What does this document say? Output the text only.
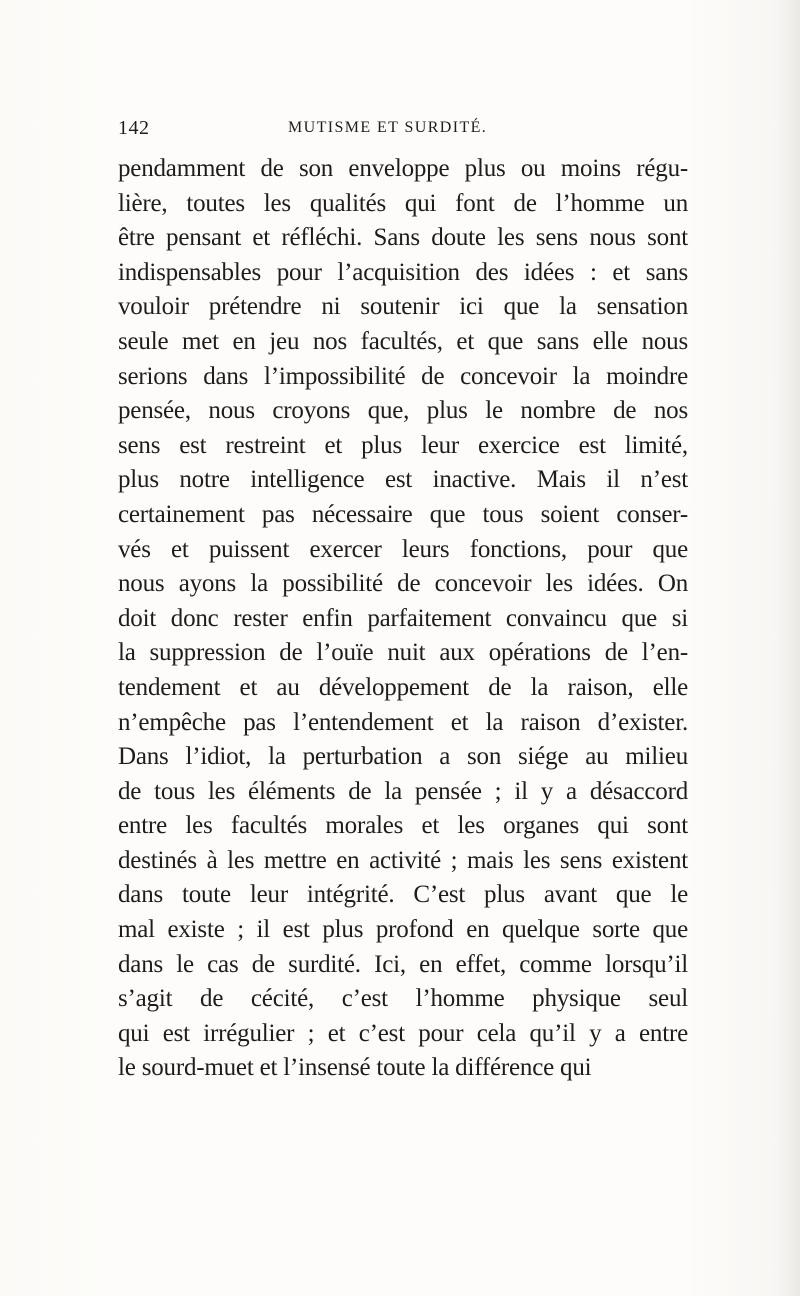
142	MUTISME ET SURDITÉ.
pendamment de son enveloppe plus ou moins régu-
lière, toutes les qualités qui font de l’homme un
être pensant et réfléchi. Sans doute les sens nous sont
indispensables pour l’acquisition des idées : et sans
vouloir prétendre ni soutenir ici que la sensation
seule met en jeu nos facultés, et que sans elle nous
serions dans l’impossibilité de concevoir la moindre
pensée, nous croyons que, plus le nombre de nos
sens est restreint et plus leur exercice est limité,
plus notre intelligence est inactive. Mais il n’est
certainement pas nécessaire que tous soient conser-
vés et puissent exercer leurs fonctions, pour que
nous ayons la possibilité de concevoir les idées. On
doit donc rester enfin parfaitement convaincu que si
la suppression de l’ouïe nuit aux opérations de l’en-
tendement et au développement de la raison, elle
n’empêche pas l’entendement et la raison d’exister.
Dans l’idiot, la perturbation a son siége au milieu
de tous les éléments de la pensée ; il y a désaccord
entre les facultés morales et les organes qui sont
destinés à les mettre en activité ; mais les sens existent
dans toute leur intégrité. C’est plus avant que le
mal existe ; il est plus profond en quelque sorte que
dans le cas de surdité. Ici, en effet, comme lorsqu’il
s’agit de cécité, c’est l’homme physique seul
qui est irrégulier ; et c’est pour cela qu’il y a entre
le sourd-muet et l’insensé toute la différence qui
